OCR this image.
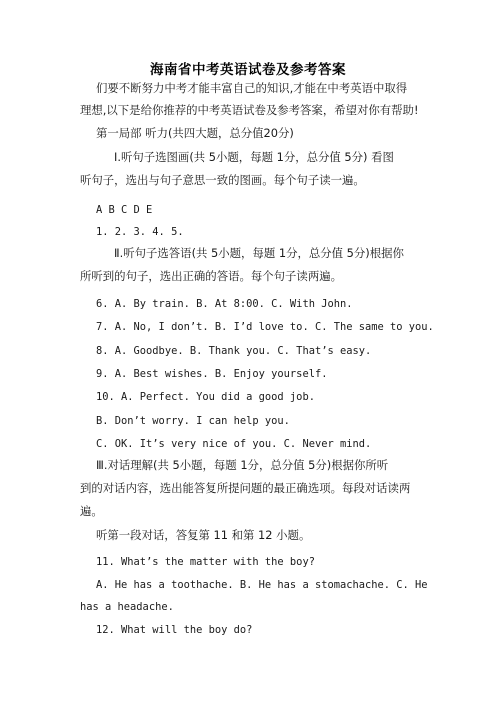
海南省中考英语试卷及参考答案
们要不断努力中考才能丰富自己的知识,才能在中考英语中取得
理想,以下是给你推荐的中考英语试卷及参考答案，希望对你有帮助!
第一局部 听力(共四大题，总分值20分)
Ⅰ.听句子选图画(共 5小题，每题 1分，总分值 5分) 看图
听句子，选出与句子意思一致的图画。每个句子读一遍。
A B C D E
1. 2. 3. 4. 5.
Ⅱ.听句子选答语(共 5小题，每题 1分，总分值 5分)根据你
所听到的句子，选出正确的答语。每个句子读两遍。
6. A. By train. B. At 8:00. C. With John.
7. A. No, I don’t. B. I’d love to. C. The same to you.
8. A. Goodbye. B. Thank you. C. That’s easy.
9. A. Best wishes. B. Enjoy yourself.
10. A. Perfect. You did a good job.
B. Don’t worry. I can help you.
C. OK. It’s very nice of you. C. Never mind.
Ⅲ.对话理解(共 5小题，每题 1分，总分值 5分)根据你所听
到的对话内容，选出能答复所提问题的最正确选项。每段对话读两
遍。
听第一段对话，答复第 11 和第 12 小题。
11. What’s the matter with the boy?
A. He has a toothache. B. He has a stomachache. C. He
has a headache.
12. What will the boy do?
